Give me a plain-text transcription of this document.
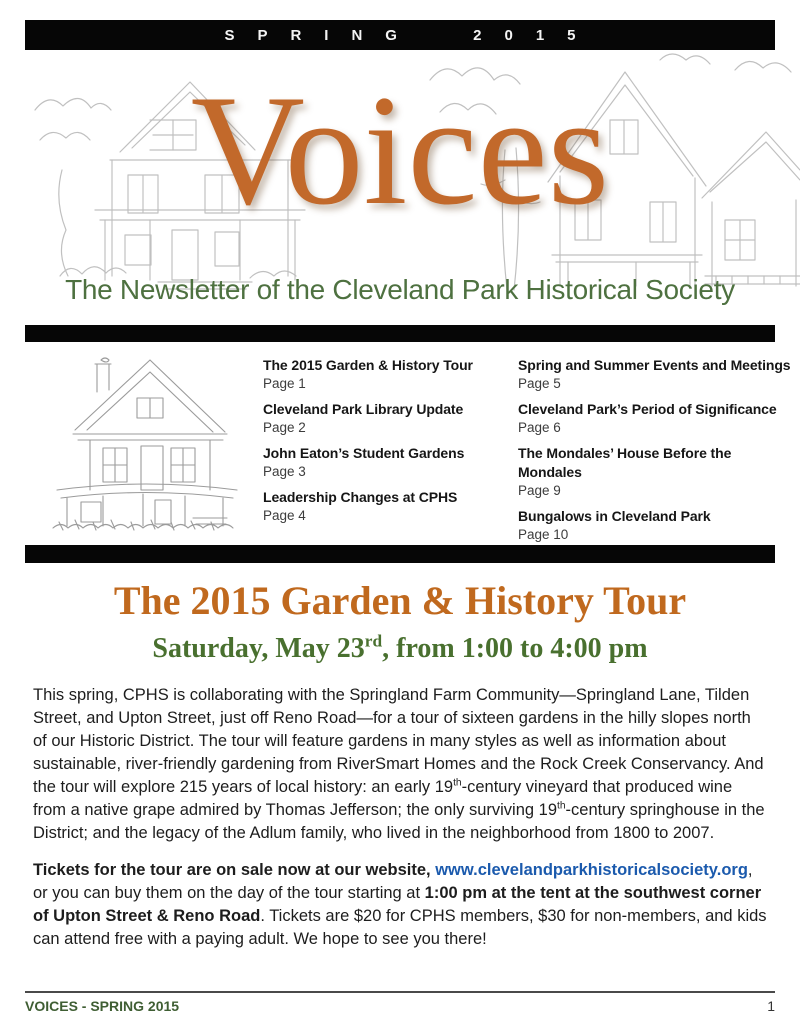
SPRING 2015
Voices
The Newsletter of the Cleveland Park Historical Society
The 2015 Garden & History Tour
Page 1
Cleveland Park Library Update
Page 2
John Eaton’s Student Gardens
Page 3
Leadership Changes at CPHS
Page 4
Spring and Summer Events and Meetings
Page 5
Cleveland Park’s Period of Significance
Page 6
The Mondales’ House Before the Mondales
Page 9
Bungalows in Cleveland Park
Page 10
The 2015 Garden & History Tour
Saturday, May 23rd, from 1:00 to 4:00 pm

This spring, CPHS is collaborating with the Springland Farm Community—Springland Lane, Tilden Street, and Upton Street, just off Reno Road—for a tour of sixteen gardens in the hilly slopes north of our Historic District. The tour will feature gardens in many styles as well as information about sustainable, river-friendly gardening from RiverSmart Homes and the Rock Creek Conservancy. And the tour will explore 215 years of local history: an early 19th-century vineyard that produced wine from a native grape admired by Thomas Jefferson; the only surviving 19th-century springhouse in the District; and the legacy of the Adlum family, who lived in the neighborhood from 1800 to 2007.

Tickets for the tour are on sale now at our website, www.clevelandparkhistoricalsociety.org, or you can buy them on the day of the tour starting at 1:00 pm at the tent at the southwest corner of Upton Street & Reno Road. Tickets are $20 for CPHS members, $30 for non-members, and kids can attend free with a paying adult. We hope to see you there!

VOICES - SPRING 2015	1
